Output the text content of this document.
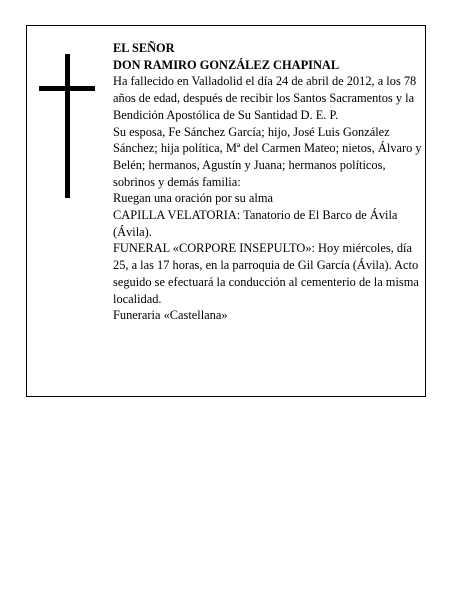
EL SEÑOR

DON RAMIRO GONZÁLEZ CHAPINAL

Ha fallecido en Valladolid el día 24 de abril de 2012, a los 78 años de edad, después de recibir los Santos Sacramentos y la Bendición Apostólica de Su Santidad D. E. P.

Su esposa, Fe Sánchez García; hijo, José Luis González Sánchez; hija política, Mª del Carmen Mateo; nietos, Álvaro y Belén; hermanos, Agustín y Juana; hermanos políticos, sobrinos y demás familia:

Ruegan una oración por su alma

CAPILLA VELATORIA: Tanatorio de El Barco de Ávila (Ávila).

FUNERAL «CORPORE INSEPULTO»: Hoy miércoles, día 25, a las 17 horas, en la parroquia de Gil García (Ávila). Acto seguido se efectuará la conducción al cementerio de la misma localidad.

Funeraria «Castellana»
